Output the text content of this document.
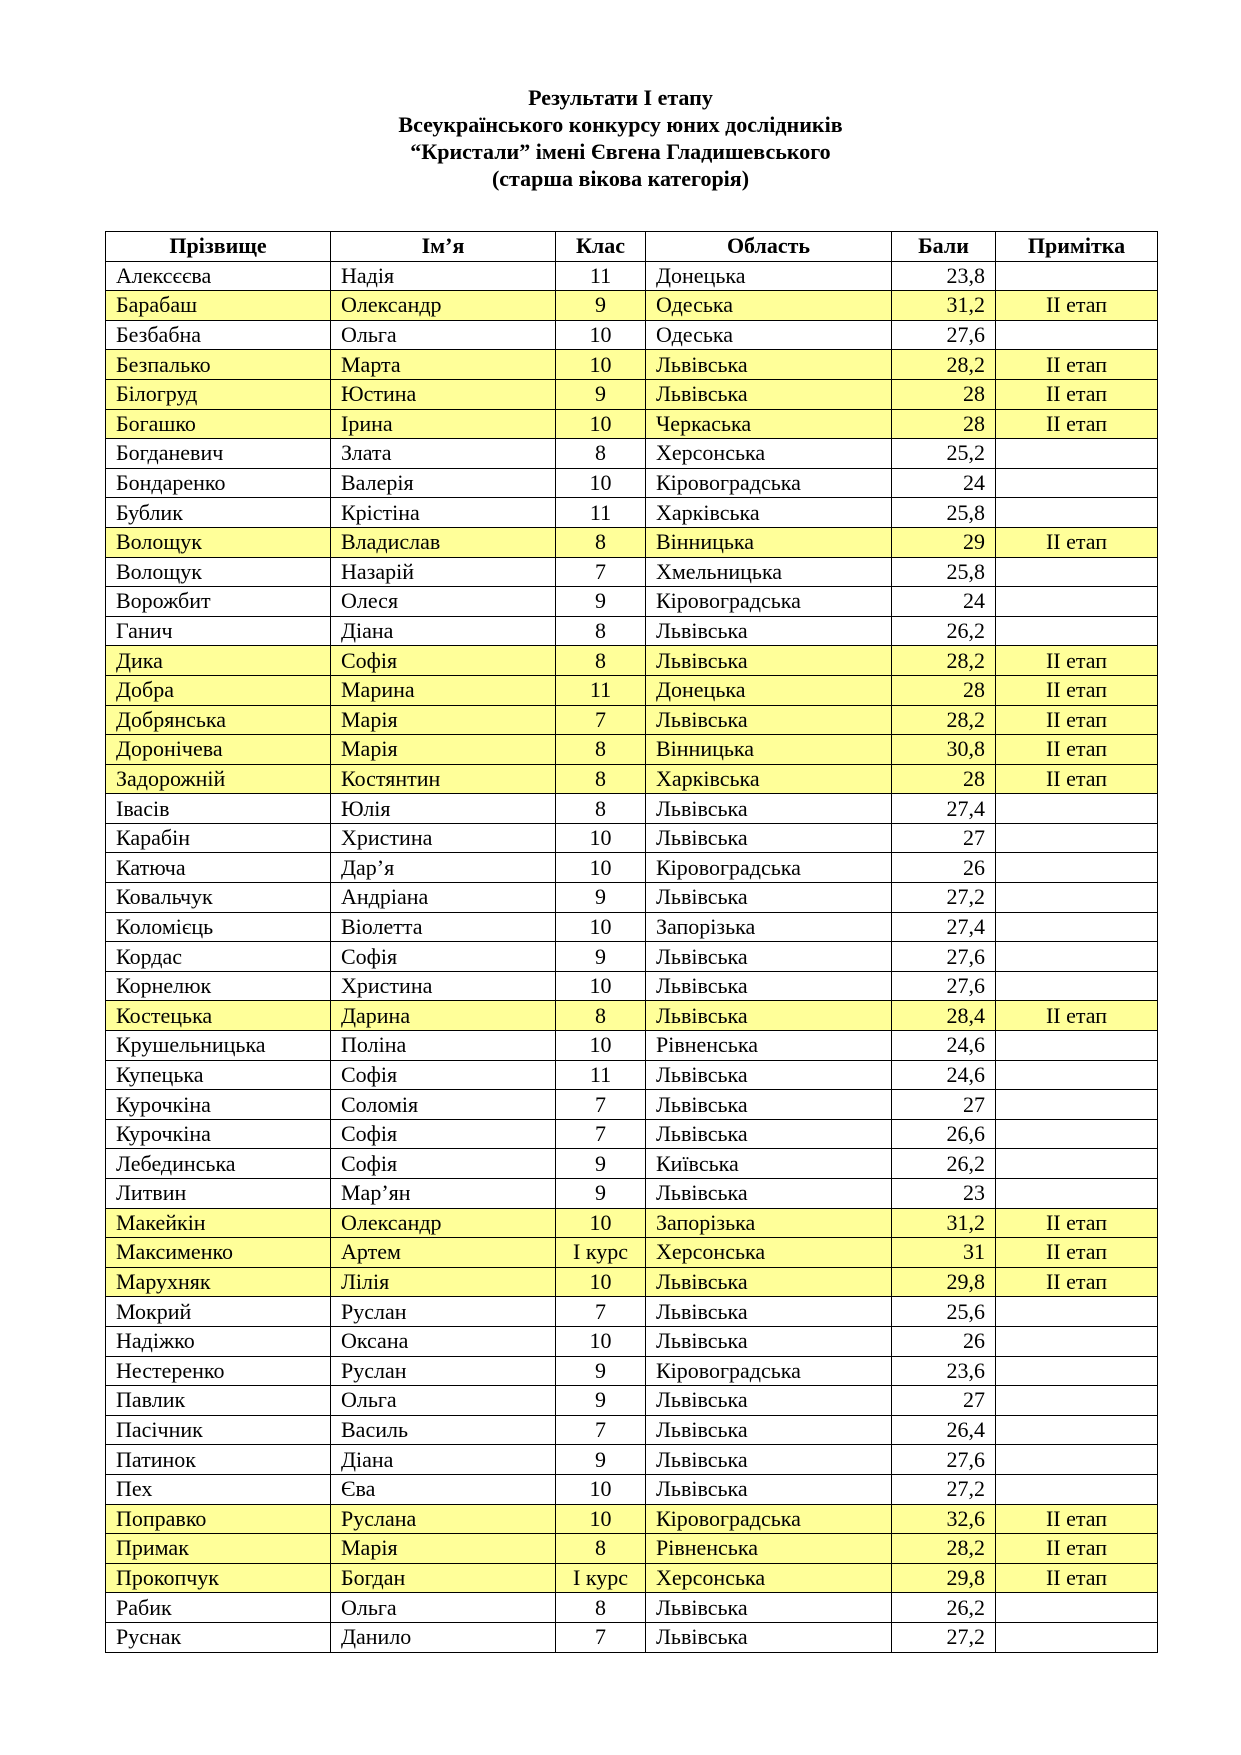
Результати І етапу
Всеукраїнського конкурсу юних дослідників
“Кристали” імені Євгена Гладишевського
(старша вікова категорія)
Прізвище	Ім’я	Клас	Область	Бали	Примітка
Алексєєва	Надія	11	Донецька	23,8	
Барабаш	Олександр	9	Одеська	31,2	ІІ етап
Безбабна	Ольга	10	Одеська	27,6	
Безпалько	Марта	10	Львівська	28,2	ІІ етап
Білогруд	Юстина	9	Львівська	28	ІІ етап
Богашко	Ірина	10	Черкаська	28	ІІ етап
Богданевич	Злата	8	Херсонська	25,2	
Бондаренко	Валерія	10	Кіровоградська	24	
Бублик	Крістіна	11	Харківська	25,8	
Волощук	Владислав	8	Вінницька	29	ІІ етап
Волощук	Назарій	7	Хмельницька	25,8	
Ворожбит	Олеся	9	Кіровоградська	24	
Ганич	Діана	8	Львівська	26,2	
Дика	Софія	8	Львівська	28,2	ІІ етап
Добра	Марина	11	Донецька	28	ІІ етап
Добрянська	Марія	7	Львівська	28,2	ІІ етап
Доронічева	Марія	8	Вінницька	30,8	ІІ етап
Задорожній	Костянтин	8	Харківська	28	ІІ етап
Івасів	Юлія	8	Львівська	27,4	
Карабін	Христина	10	Львівська	27	
Катюча	Дар’я	10	Кіровоградська	26	
Ковальчук	Андріана	9	Львівська	27,2	
Коломієць	Віолетта	10	Запорізька	27,4	
Кордас	Софія	9	Львівська	27,6	
Корнелюк	Христина	10	Львівська	27,6	
Костецька	Дарина	8	Львівська	28,4	ІІ етап
Крушельницька	Поліна	10	Рівненська	24,6	
Купецька	Софія	11	Львівська	24,6	
Курочкіна	Соломія	7	Львівська	27	
Курочкіна	Софія	7	Львівська	26,6	
Лебединська	Софія	9	Київська	26,2	
Литвин	Мар’ян	9	Львівська	23	
Макейкін	Олександр	10	Запорізька	31,2	ІІ етап
Максименко	Артем	І курс	Херсонська	31	ІІ етап
Марухняк	Лілія	10	Львівська	29,8	ІІ етап
Мокрий	Руслан	7	Львівська	25,6	
Надіжко	Оксана	10	Львівська	26	
Нестеренко	Руслан	9	Кіровоградська	23,6	
Павлик	Ольга	9	Львівська	27	
Пасічник	Василь	7	Львівська	26,4	
Патинок	Діана	9	Львівська	27,6	
Пех	Єва	10	Львівська	27,2	
Поправко	Руслана	10	Кіровоградська	32,6	ІІ етап
Примак	Марія	8	Рівненська	28,2	ІІ етап
Прокопчук	Богдан	І курс	Херсонська	29,8	ІІ етап
Рабик	Ольга	8	Львівська	26,2	
Руснак	Данило	7	Львівська	27,2	
